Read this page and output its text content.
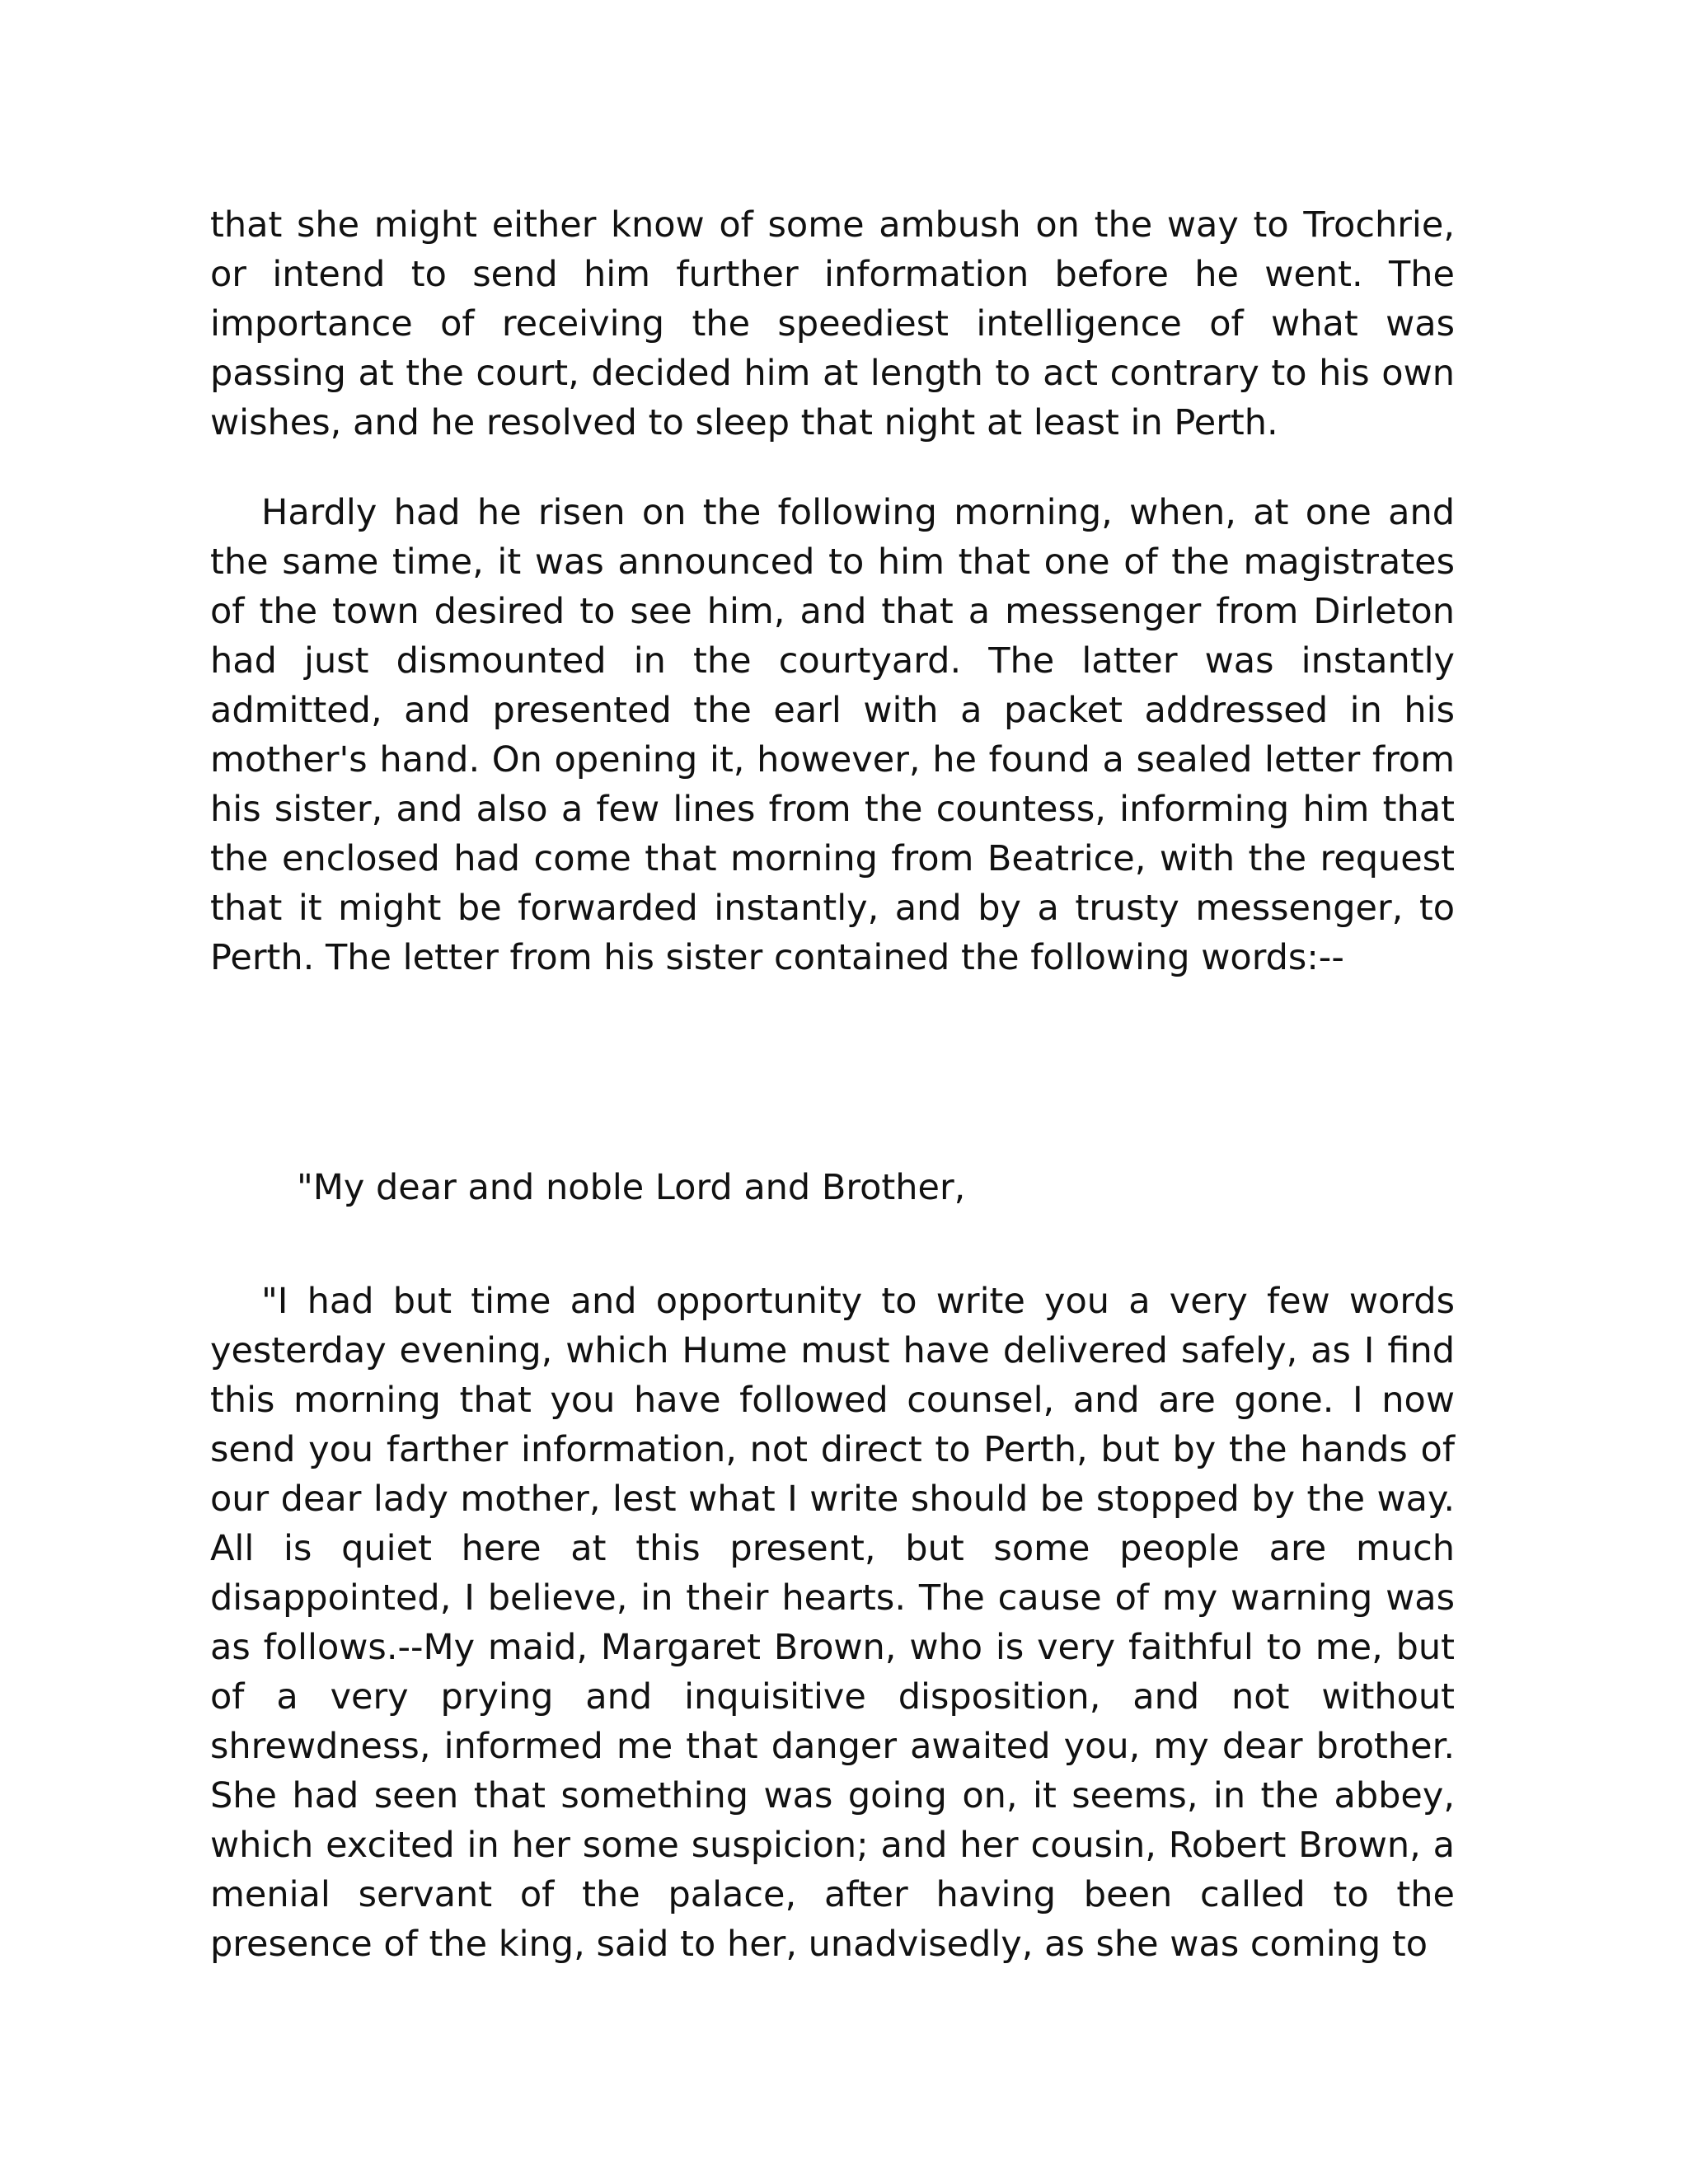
that she might either know of some ambush on the way to Trochrie, or intend to send him further information before he went. The importance of receiving the speediest intelligence of what was passing at the court, decided him at length to act contrary to his own wishes, and he resolved to sleep that night at least in Perth.

Hardly had he risen on the following morning, when, at one and the same time, it was announced to him that one of the magistrates of the town desired to see him, and that a messenger from Dirleton had just dismounted in the courtyard. The latter was instantly admitted, and presented the earl with a packet addressed in his mother's hand. On opening it, however, he found a sealed letter from his sister, and also a few lines from the countess, informing him that the enclosed had come that morning from Beatrice, with the request that it might be forwarded instantly, and by a trusty messenger, to Perth. The letter from his sister contained the following words:--

"My dear and noble Lord and Brother,

"I had but time and opportunity to write you a very few words yesterday evening, which Hume must have delivered safely, as I find this morning that you have followed counsel, and are gone. I now send you farther information, not direct to Perth, but by the hands of our dear lady mother, lest what I write should be stopped by the way. All is quiet here at this present, but some people are much disappointed, I believe, in their hearts. The cause of my warning was as follows.--My maid, Margaret Brown, who is very faithful to me, but of a very prying and inquisitive disposition, and not without shrewdness, informed me that danger awaited you, my dear brother. She had seen that something was going on, it seems, in the abbey, which excited in her some suspicion; and her cousin, Robert Brown, a menial servant of the palace, after having been called to the presence of the king, said to her, unadvisedly, as she was coming to
